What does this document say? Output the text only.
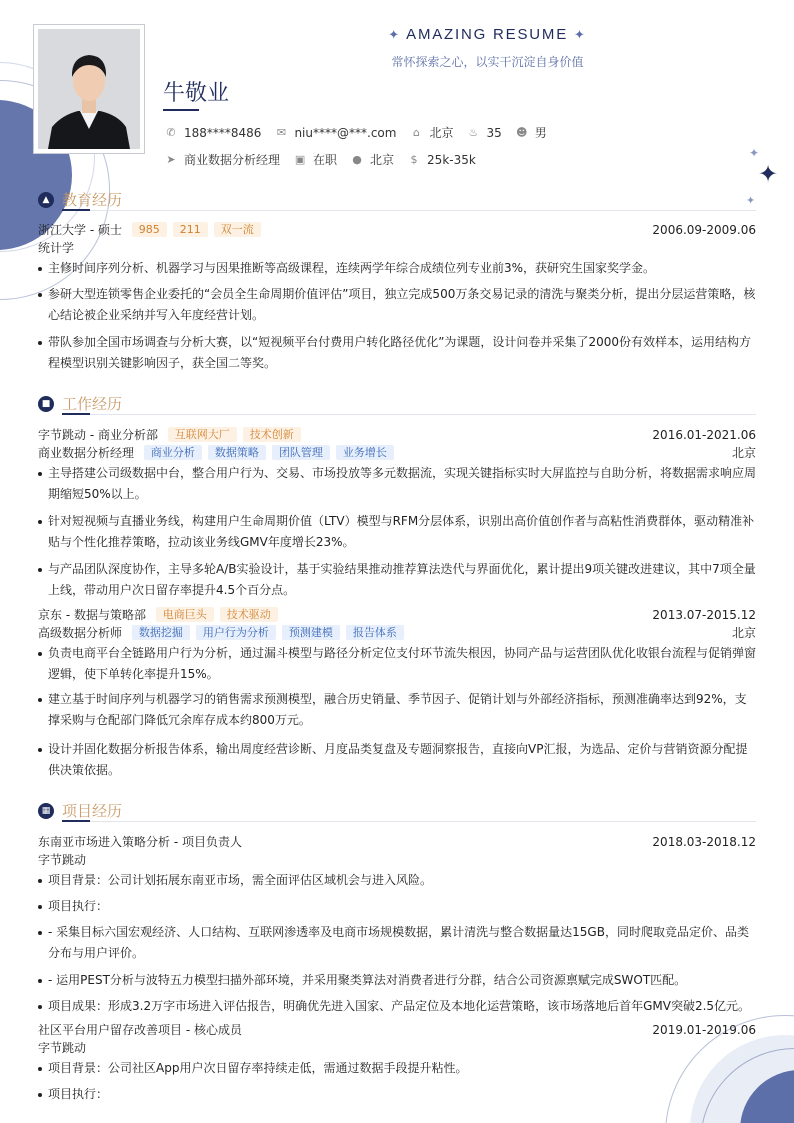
✦ AMAZING RESUME ✦
常怀探索之心，以实干沉淀自身价值
牛敬业
✦
✦
✦
✆ 188****8486 ✉ niu****@***.com ⌂ 北京 ♨ 35 ☻ 男
➤ 商业数据分析经理 ▣ 在职 ● 北京 $ 25k-35k
▲ 教育经历
浙江大学 - 硕士 985 211 双一流	2006.09-2009.06
统计学
主修时间序列分析、机器学习与因果推断等高级课程，连续两学年综合成绩位列专业前3%，获研究生国家奖学金。
参研大型连锁零售企业委托的“会员全生命周期价值评估”项目，独立完成500万条交易记录的清洗与聚类分析，提出分层运营策略，核心结论被企业采纳并写入年度经营计划。
带队参加全国市场调查与分析大赛，以“短视频平台付费用户转化路径优化”为课题，设计问卷并采集了2000份有效样本，运用结构方程模型识别关键影响因子，获全国二等奖。
■ 工作经历
字节跳动 - 商业分析部 互联网大厂 技术创新	2016.01-2021.06
商业数据分析经理 商业分析 数据策略 团队管理 业务增长	北京
主导搭建公司级数据中台，整合用户行为、交易、市场投放等多元数据流，实现关键指标实时大屏监控与自助分析，将数据需求响应周期缩短50%以上。
针对短视频与直播业务线，构建用户生命周期价值（LTV）模型与RFM分层体系，识别出高价值创作者与高粘性消费群体，驱动精准补贴与个性化推荐策略，拉动该业务线GMV年度增长23%。
与产品团队深度协作，主导多轮A/B实验设计，基于实验结果推动推荐算法迭代与界面优化，累计提出9项关键改进建议，其中7项全量上线，带动用户次日留存率提升4.5个百分点。
京东 - 数据与策略部 电商巨头 技术驱动	2013.07-2015.12
高级数据分析师 数据挖掘 用户行为分析 预测建模 报告体系	北京
负责电商平台全链路用户行为分析，通过漏斗模型与路径分析定位支付环节流失根因，协同产品与运营团队优化收银台流程与促销弹窗逻辑，使下单转化率提升15%。
建立基于时间序列与机器学习的销售需求预测模型，融合历史销量、季节因子、促销计划与外部经济指标，预测准确率达到92%，支撑采购与仓配部门降低冗余库存成本约800万元。
设计并固化数据分析报告体系，输出周度经营诊断、月度品类复盘及专题洞察报告，直接向VP汇报，为选品、定价与营销资源分配提供决策依据。
▦ 项目经历
东南亚市场进入策略分析 - 项目负责人	2018.03-2018.12
字节跳动
项目背景：公司计划拓展东南亚市场，需全面评估区域机会与进入风险。
项目执行：
- 采集目标六国宏观经济、人口结构、互联网渗透率及电商市场规模数据，累计清洗与整合数据量达15GB，同时爬取竞品定价、品类分布与用户评价。
- 运用PEST分析与波特五力模型扫描外部环境，并采用聚类算法对消费者进行分群，结合公司资源禀赋完成SWOT匹配。
项目成果：形成3.2万字市场进入评估报告，明确优先进入国家、产品定位及本地化运营策略，该市场落地后首年GMV突破2.5亿元。
社区平台用户留存改善项目 - 核心成员	2019.01-2019.06
字节跳动
项目背景：公司社区App用户次日留存率持续走低，需通过数据手段提升粘性。
项目执行：
